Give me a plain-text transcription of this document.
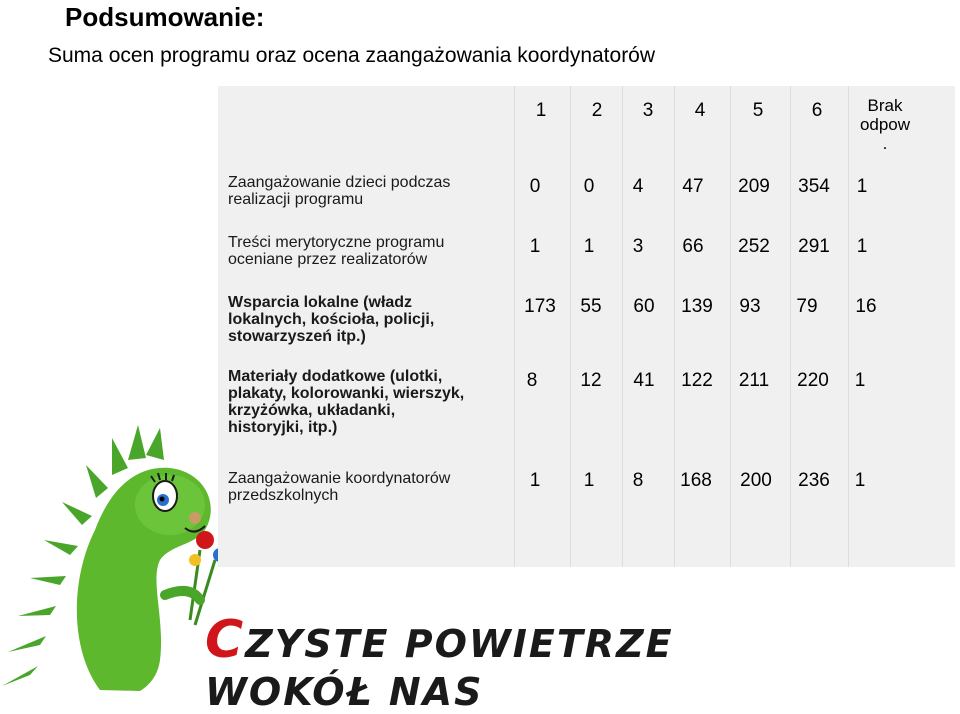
Podsumowanie:
Suma ocen programu oraz ocena zaangażowania koordynatorów
1 2 3 4 5	6	Brak
odpow
.
Zaangażowanie dzieci podczas
realizacji programu
0 0 4 47 209 354 1
Treści merytoryczne programu
oceniane przez realizatorów
1 1 3 66 252 291 1
Wsparcia lokalne (władz
lokalnych, kościoła, policji,
stowarzyszeń itp.)
173 55 60 139 93 79 16
Materiały dodatkowe (ulotki,
plakaty, kolorowanki, wierszyk,
krzyżówka, układanki,
historyjki, itp.)
8 12 41 122 211 220 1
Zaangażowanie koordynatorów
przedszkolnych
1 1 8 168 200 236 1
CZYSTE POWIETRZE WOKÓŁ NAS
